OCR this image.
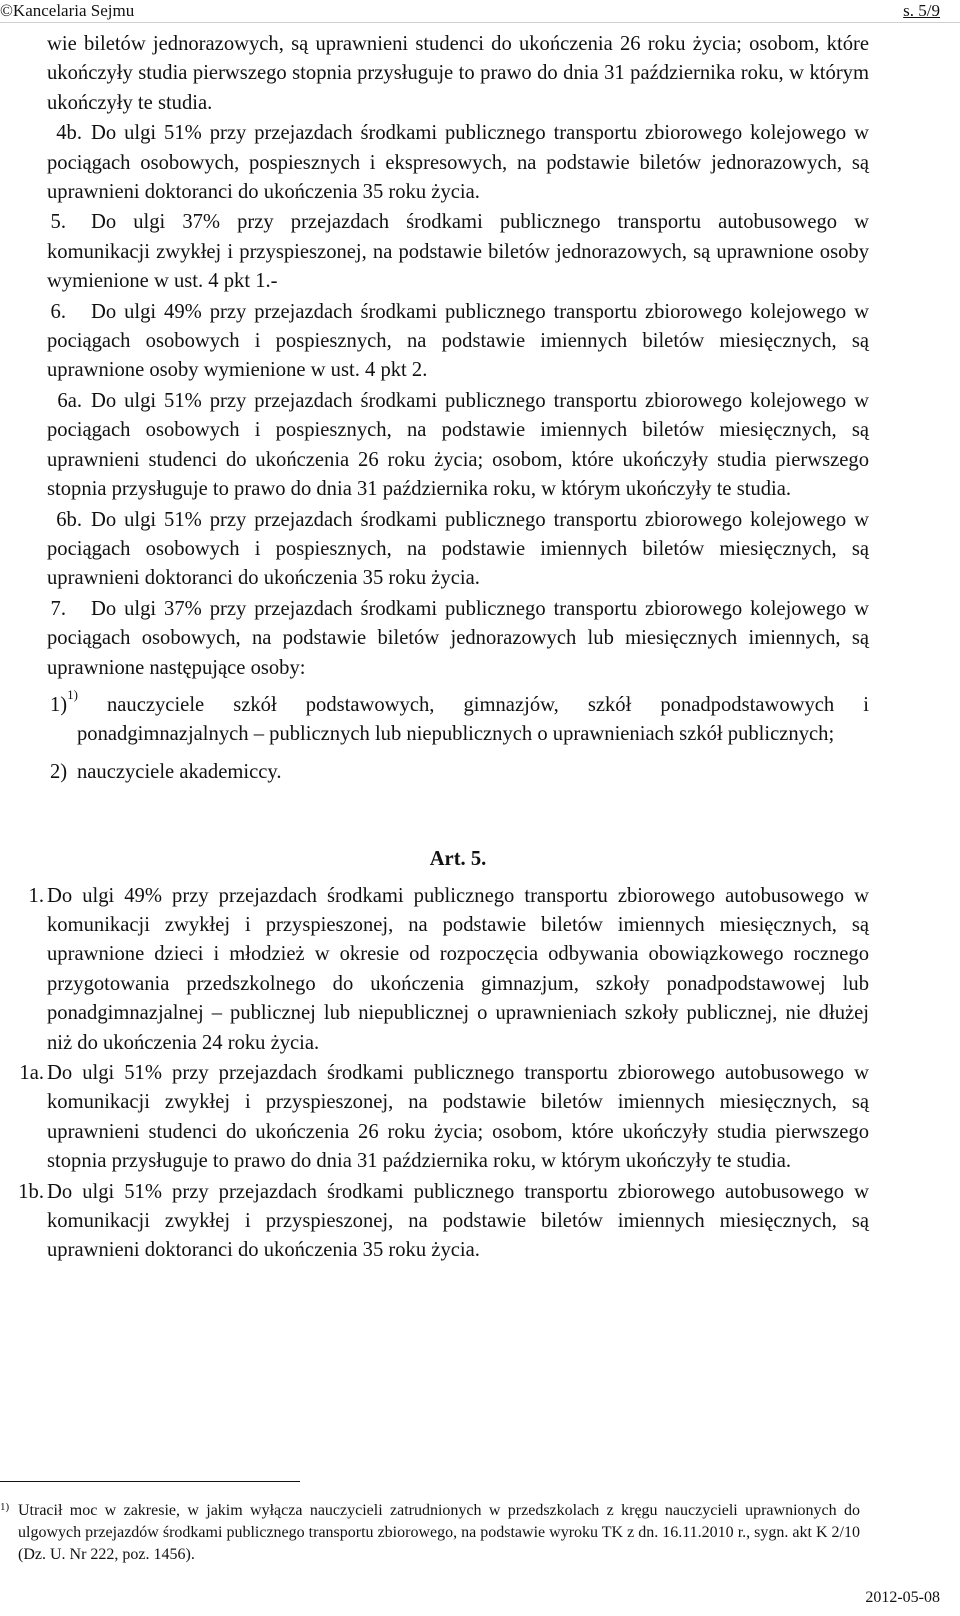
©Kancelaria Sejmu	s. 5/9

wie biletów jednorazowych, są uprawnieni studenci do ukończenia 26 roku życia; osobom, które ukończyły studia pierwszego stopnia przysługuje to prawo do dnia 31 października roku, w którym ukończyły te studia.

4b. Do ulgi 51% przy przejazdach środkami publicznego transportu zbiorowego kolejowego w pociągach osobowych, pospiesznych i ekspresowych, na podstawie biletów jednorazowych, są uprawnieni doktoranci do ukończenia 35 roku życia.

5. Do ulgi 37% przy przejazdach środkami publicznego transportu autobusowego w komunikacji zwykłej i przyspieszonej, na podstawie biletów jednorazowych, są uprawnione osoby wymienione w ust. 4 pkt 1.-

6. Do ulgi 49% przy przejazdach środkami publicznego transportu zbiorowego kolejowego w pociągach osobowych i pospiesznych, na podstawie imiennych biletów miesięcznych, są uprawnione osoby wymienione w ust. 4 pkt 2.

6a. Do ulgi 51% przy przejazdach środkami publicznego transportu zbiorowego kolejowego w pociągach osobowych i pospiesznych, na podstawie imiennych biletów miesięcznych, są uprawnieni studenci do ukończenia 26 roku życia; osobom, które ukończyły studia pierwszego stopnia przysługuje to prawo do dnia 31 października roku, w którym ukończyły te studia.

6b. Do ulgi 51% przy przejazdach środkami publicznego transportu zbiorowego kolejowego w pociągach osobowych i pospiesznych, na podstawie imiennych biletów miesięcznych, są uprawnieni doktoranci do ukończenia 35 roku życia.

7. Do ulgi 37% przy przejazdach środkami publicznego transportu zbiorowego kolejowego w pociągach osobowych, na podstawie biletów jednorazowych lub miesięcznych imiennych, są uprawnione następujące osoby:

1)$^{1)}$ nauczyciele szkół podstawowych, gimnazjów, szkół ponadpodstawowych i ponadgimnazjalnych – publicznych lub niepublicznych o uprawnieniach szkół publicznych;
2) nauczyciele akademiccy.
Art. 5.

1. Do ulgi 49% przy przejazdach środkami publicznego transportu zbiorowego autobusowego w komunikacji zwykłej i przyspieszonej, na podstawie biletów imiennych miesięcznych, są uprawnione dzieci i młodzież w okresie od rozpoczęcia odbywania obowiązkowego rocznego przygotowania przedszkolnego do ukończenia gimnazjum, szkoły ponadpodstawowej lub ponadgimnazjalnej – publicznej lub niepublicznej o uprawnieniach szkoły publicznej, nie dłużej niż do ukończenia 24 roku życia.

1a. Do ulgi 51% przy przejazdach środkami publicznego transportu zbiorowego autobusowego w komunikacji zwykłej i przyspieszonej, na podstawie biletów imiennych miesięcznych, są uprawnieni studenci do ukończenia 26 roku życia; osobom, które ukończyły studia pierwszego stopnia przysługuje to prawo do dnia 31 października roku, w którym ukończyły te studia.

1b. Do ulgi 51% przy przejazdach środkami publicznego transportu zbiorowego autobusowego w komunikacji zwykłej i przyspieszonej, na podstawie biletów imiennych miesięcznych, są uprawnieni doktoranci do ukończenia 35 roku życia.

1) Utracił moc w zakresie, w jakim wyłącza nauczycieli zatrudnionych w przedszkolach z kręgu nauczycieli uprawnionych do ulgowych przejazdów środkami publicznego transportu zbiorowego, na podstawie wyroku TK z dn. 16.11.2010 r., sygn. akt K 2/10 (Dz. U. Nr 222, poz. 1456).
2012-05-08
